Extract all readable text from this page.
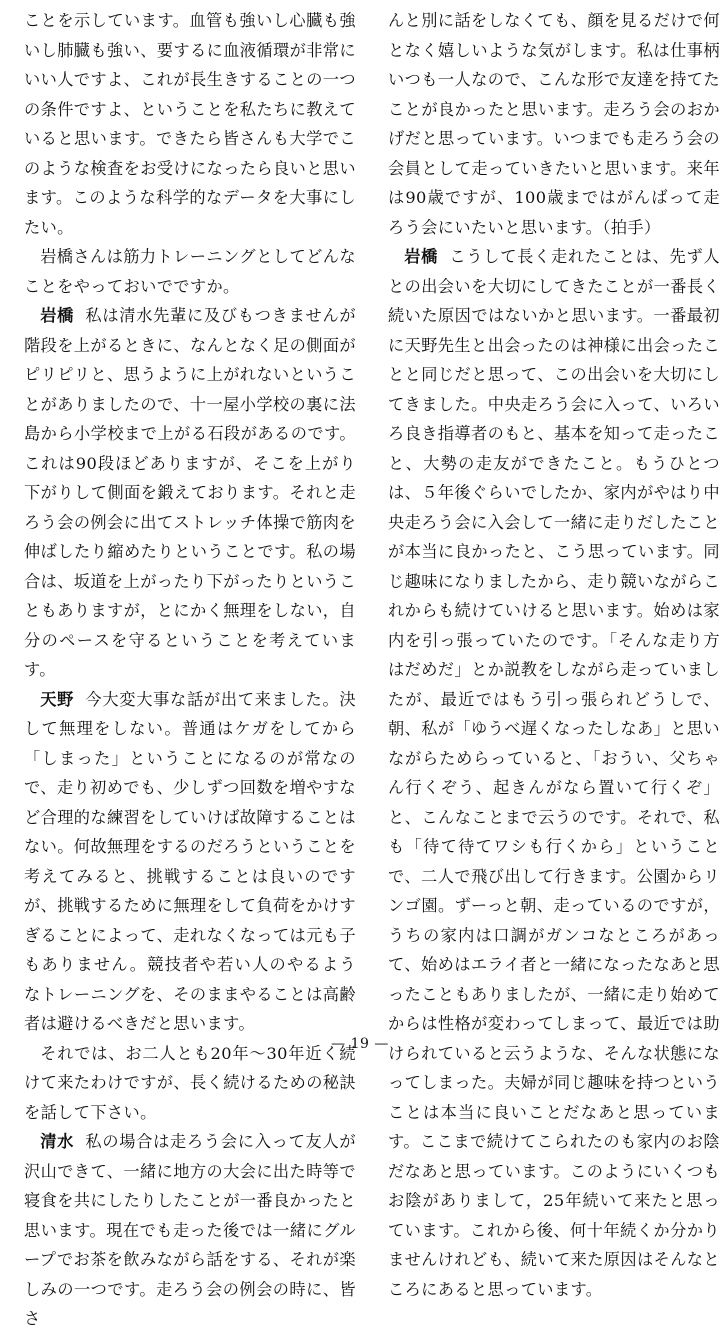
ことを示しています。血管も強いし心臓も強いし肺臓も強い、要するに血液循環が非常にいい人ですよ、これが長生きすることの一つの条件ですよ、ということを私たちに教えていると思います。できたら皆さんも大学でこのような検査をお受けになったら良いと思います。このような科学的なデータを大事にしたい。

岩橋さんは筋力トレーニングとしてどんなことをやっておいでですか。

岩橋 私は清水先輩に及びもつきませんが階段を上がるときに、なんとなく足の側面がピリピリと、思うように上がれないということがありましたので、十一屋小学校の裏に法島から小学校まで上がる石段があるのです。これは90段ほどありますが、そこを上がり下がりして側面を鍛えております。それと走ろう会の例会に出てストレッチ体操で筋肉を伸ばしたり縮めたりということです。私の場合は、坂道を上がったり下がったりということもありますが，とにかく無理をしない，自分のペースを守るということを考えています。

天野 今大変大事な話が出て来ました。決して無理をしない。普通はケガをしてから「しまった」ということになるのが常なので、走り初めでも、少しずつ回数を増やすなど合理的な練習をしていけば故障することはない。何故無理をするのだろうということを考えてみると、挑戦することは良いのですが、挑戦するために無理をして負荷をかけすぎることによって、走れなくなっては元も子もありません。競技者や若い人のやるようなトレーニングを、そのままやることは高齢者は避けるべきだと思います。

それでは、お二人とも20年～30年近く続けて来たわけですが、長く続けるための秘訣を話して下さい。

清水 私の場合は走ろう会に入って友人が沢山できて、一緒に地方の大会に出た時等で寝食を共にしたりしたことが一番良かったと思います。現在でも走った後では一緒にグループでお茶を飲みながら話をする、それが楽しみの一つです。走ろう会の例会の時に、皆さ

んと別に話をしなくても、顔を見るだけで何となく嬉しいような気がします。私は仕事柄いつも一人なので、こんな形で友達を持てたことが良かったと思います。走ろう会のおかげだと思っています。いつまでも走ろう会の会員として走っていきたいと思います。来年は90歳ですが、100歳まではがんばって走ろう会にいたいと思います。（拍手）

岩橋 こうして長く走れたことは、先ず人との出会いを大切にしてきたことが一番長く続いた原因ではないかと思います。一番最初に天野先生と出会ったのは神様に出会ったことと同じだと思って、この出会いを大切にしてきました。中央走ろう会に入って、いろいろ良き指導者のもと、基本を知って走ったこと、大勢の走友ができたこと。もうひとつは、５年後ぐらいでしたか、家内がやはり中央走ろう会に入会して一緒に走りだしたことが本当に良かったと、こう思っています。同じ趣味になりましたから、走り競いながらこれからも続けていけると思います。始めは家内を引っ張っていたのです。「そんな走り方はだめだ」とか説教をしながら走っていましたが、最近ではもう引っ張られどうしで、朝、私が「ゆうべ遅くなったしなあ」と思いながらためらっていると、「おうい、父ちゃん行くぞう、起きんがなら置いて行くぞ」と、こんなことまで云うのです。それで、私も「待て待てワシも行くから」ということで、二人で飛び出して行きます。公園からリンゴ園。ずーっと朝、走っているのですが，うちの家内は口調がガンコなところがあって、始めはエライ者と一緒になったなあと思ったこともありましたが、一緒に走り始めてからは性格が変わってしまって、最近では助けられていると云うような、そんな状態になってしまった。夫婦が同じ趣味を持つということは本当に良いことだなあと思っています。ここまで続けてこられたのも家内のお陰だなあと思っています。このようにいくつもお陰がありまして，25年続いて来たと思っています。これから後、何十年続くか分かりませんけれども、続いて来た原因はそんなところにあると思っています。

— 19 —
